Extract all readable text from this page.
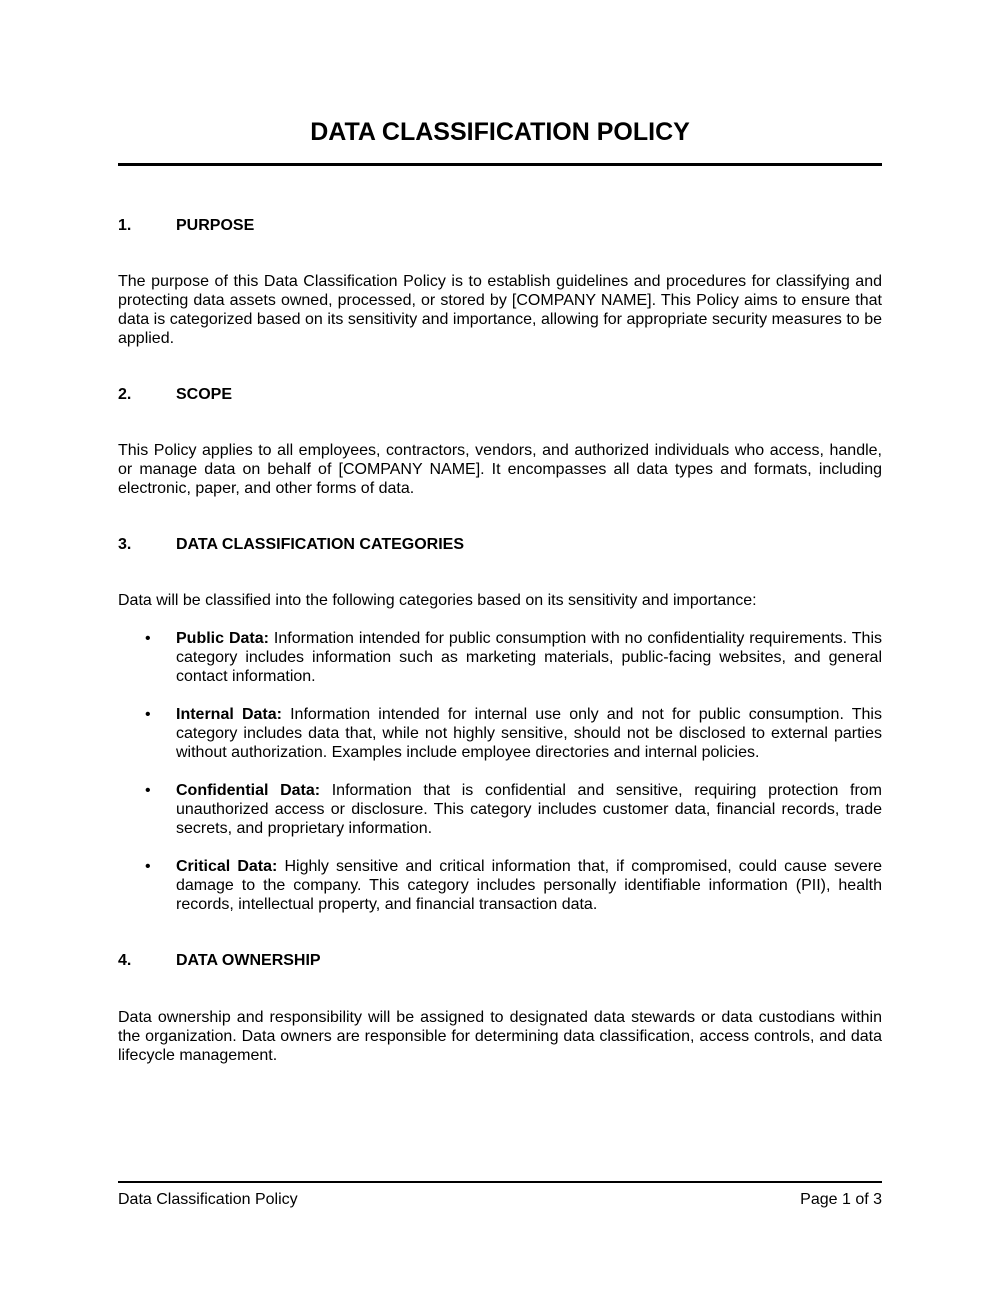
DATA CLASSIFICATION POLICY
1.	PURPOSE
The purpose of this Data Classification Policy is to establish guidelines and procedures for classifying and protecting data assets owned, processed, or stored by [COMPANY NAME]. This Policy aims to ensure that data is categorized based on its sensitivity and importance, allowing for appropriate security measures to be applied.
2.	SCOPE
This Policy applies to all employees, contractors, vendors, and authorized individuals who access, handle, or manage data on behalf of [COMPANY NAME]. It encompasses all data types and formats, including electronic, paper, and other forms of data.
3.	DATA CLASSIFICATION CATEGORIES
Data will be classified into the following categories based on its sensitivity and importance:
• Public Data: Information intended for public consumption with no confidentiality requirements. This category includes information such as marketing materials, public-facing websites, and general contact information.
• Internal Data: Information intended for internal use only and not for public consumption. This category includes data that, while not highly sensitive, should not be disclosed to external parties without authorization. Examples include employee directories and internal policies.
• Confidential Data: Information that is confidential and sensitive, requiring protection from unauthorized access or disclosure. This category includes customer data, financial records, trade secrets, and proprietary information.
• Critical Data: Highly sensitive and critical information that, if compromised, could cause severe damage to the company. This category includes personally identifiable information (PII), health records, intellectual property, and financial transaction data.
4.	DATA OWNERSHIP
Data ownership and responsibility will be assigned to designated data stewards or data custodians within the organization. Data owners are responsible for determining data classification, access controls, and data lifecycle management.
Data Classification Policy	Page 1 of 3
